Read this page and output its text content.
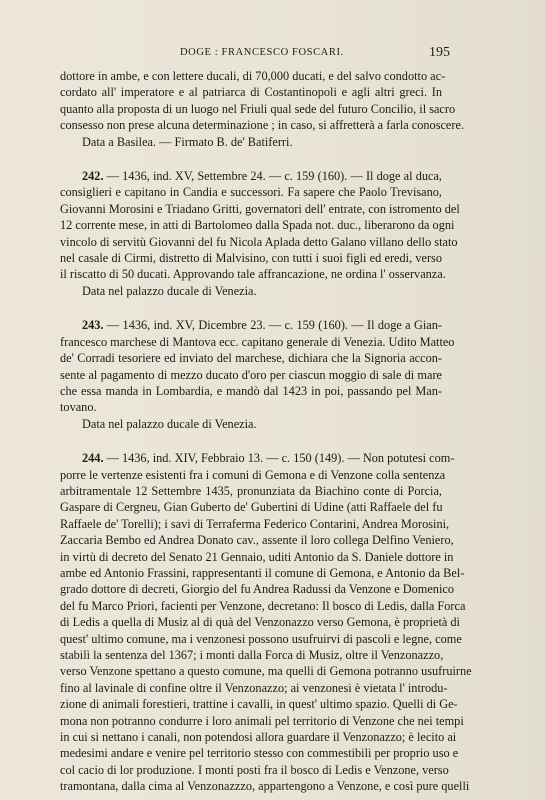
DOGE : FRANCESCO FOSCARI.	195

dottore in ambe, e con lettere ducali, di 70,000 ducati, e del salvo condotto ac-
cordato all' imperatore e al patriarca di Costantinopoli e agli altri greci. In
quanto alla proposta di un luogo nel Friuli qual sede del futuro Concilio, il sacro
consesso non prese alcuna determinazione ; in caso, si affretterà a farla conoscere.
Data a Basilea. — Firmato B. de' Batiferri.

242. — 1436, ind. XV, Settembre 24. — c. 159 (160). — Il doge al duca,
consiglieri e capitano in Candia e successori. Fa sapere che Paolo Trevisano,
Giovanni Morosini e Triadano Gritti, governatori dell' entrate, con istromento del
12 corrente mese, in atti di Bartolomeo dalla Spada not. duc., liberarono da ogni
vincolo di servitù Giovanni del fu Nicola Aplada detto Galano villano dello stato
nel casale di Cirmi, distretto di Malvisino, con tutti i suoi figli ed eredi, verso
il riscatto di 50 ducati. Approvando tale affrancazione, ne ordina l' osservanza.
Data nel palazzo ducale di Venezia.

243. — 1436, ind. XV, Dicembre 23. — c. 159 (160). — Il doge a Gian-
francesco marchese di Mantova ecc. capitano generale di Venezia. Udito Matteo
de' Corradi tesoriere ed inviato del marchese, dichiara che la Signoria accon-
sente al pagamento di mezzo ducato d'oro per ciascun moggio di sale di mare
che essa manda in Lombardia, e mandò dal 1423 in poi, passando pel Man-
tovano.
Data nel palazzo ducale di Venezia.

244. — 1436, ind. XIV, Febbraio 13. — c. 150 (149). — Non potutesi com-
porre le vertenze esistenti fra i comuni di Gemona e di Venzone colla sentenza
arbitramentale 12 Settembre 1435, pronunziata da Biachino conte di Porcia,
Gaspare di Cergneu, Gian Guberto de' Gubertini di Udine (atti Raffaele del fu
Raffaele de' Torelli); i savi di Terraferma Federico Contarini, Andrea Morosini,
Zaccaria Bembo ed Andrea Donato cav., assente il loro collega Delfino Veniero,
in virtù di decreto del Senato 21 Gennaio, uditi Antonio da S. Daniele dottore in
ambe ed Antonio Frassini, rappresentanti il comune di Gemona, e Antonio da Bel-
grado dottore di decreti, Giorgio del fu Andrea Radussi da Venzone e Domenico
del fu Marco Priori, facienti per Venzone, decretano: Il bosco di Ledis, dalla Forca
di Ledis a quella di Musiz al di quà del Venzonazzo verso Gemona, è proprietà di
quest' ultimo comune, ma i venzonesi possono usufruirvi di pascoli e legne, come
stabilì la sentenza del 1367; i monti dalla Forca di Musiz, oltre il Venzonazzo,
verso Venzone spettano a questo comune, ma quelli di Gemona potranno usufruirne
fino al lavinale di confine oltre il Venzonazzo; ai venzonesi è vietata l' introdu-
zione di animali forestieri, trattine i cavalli, in quest' ultimo spazio. Quelli di Ge-
mona non potranno condurre i loro animali pel territorio di Venzone che nei tempi
in cui si nettano i canali, non potendosi allora guardare il Venzonazzo; è lecito ai
medesimi andare e venire pel territorio stesso con commestibili per proprio uso e
col cacio di lor produzione. I monti posti fra il bosco di Ledis e Venzone, verso
tramontana, dalla cima al Venzonazzzo, appartengono a Venzone, e così pure quelli
